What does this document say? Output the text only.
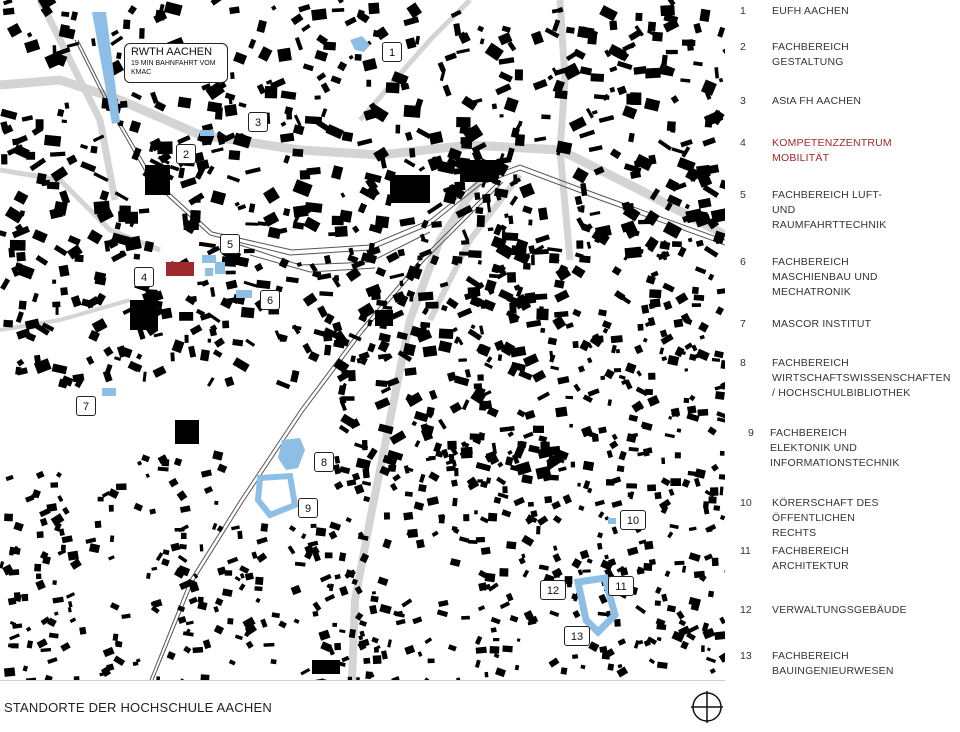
RWTH AACHEN
19 MIN BAHNFAHRT VOM KMAC
1
2
3
4
5
6
7
8
9
10
11
12
13
1	EUFH AACHEN
2	FACHBEREICH GESTALTUNG
3	AStA FH AACHEN
4	KOMPETENZZENTRUM MOBILITÄT
5	FACHBEREICH LUFT- UND RAUMFAHRTTECHNIK
6	FACHBEREICH MASCHIENBAU UND MECHATRONIK
7	MASCOR INSTITUT
8	FACHBEREICH WIRTSCHAFTSWISSENSCHAFTEN / HOCHSCHULBIBLIOTHEK
9	FACHBEREICH ELEKTONIK UND INFORMATIONSTECHNIK
10	KÖRERSCHAFT DES ÖFFENTLICHEN RECHTS
11	FACHBEREICH ARCHITEKTUR
12	VERWALTUNGSGEBÄUDE
13	FACHBEREICH BAUINGENIEURWESEN
STANDORTE DER HOCHSCHULE AACHEN
